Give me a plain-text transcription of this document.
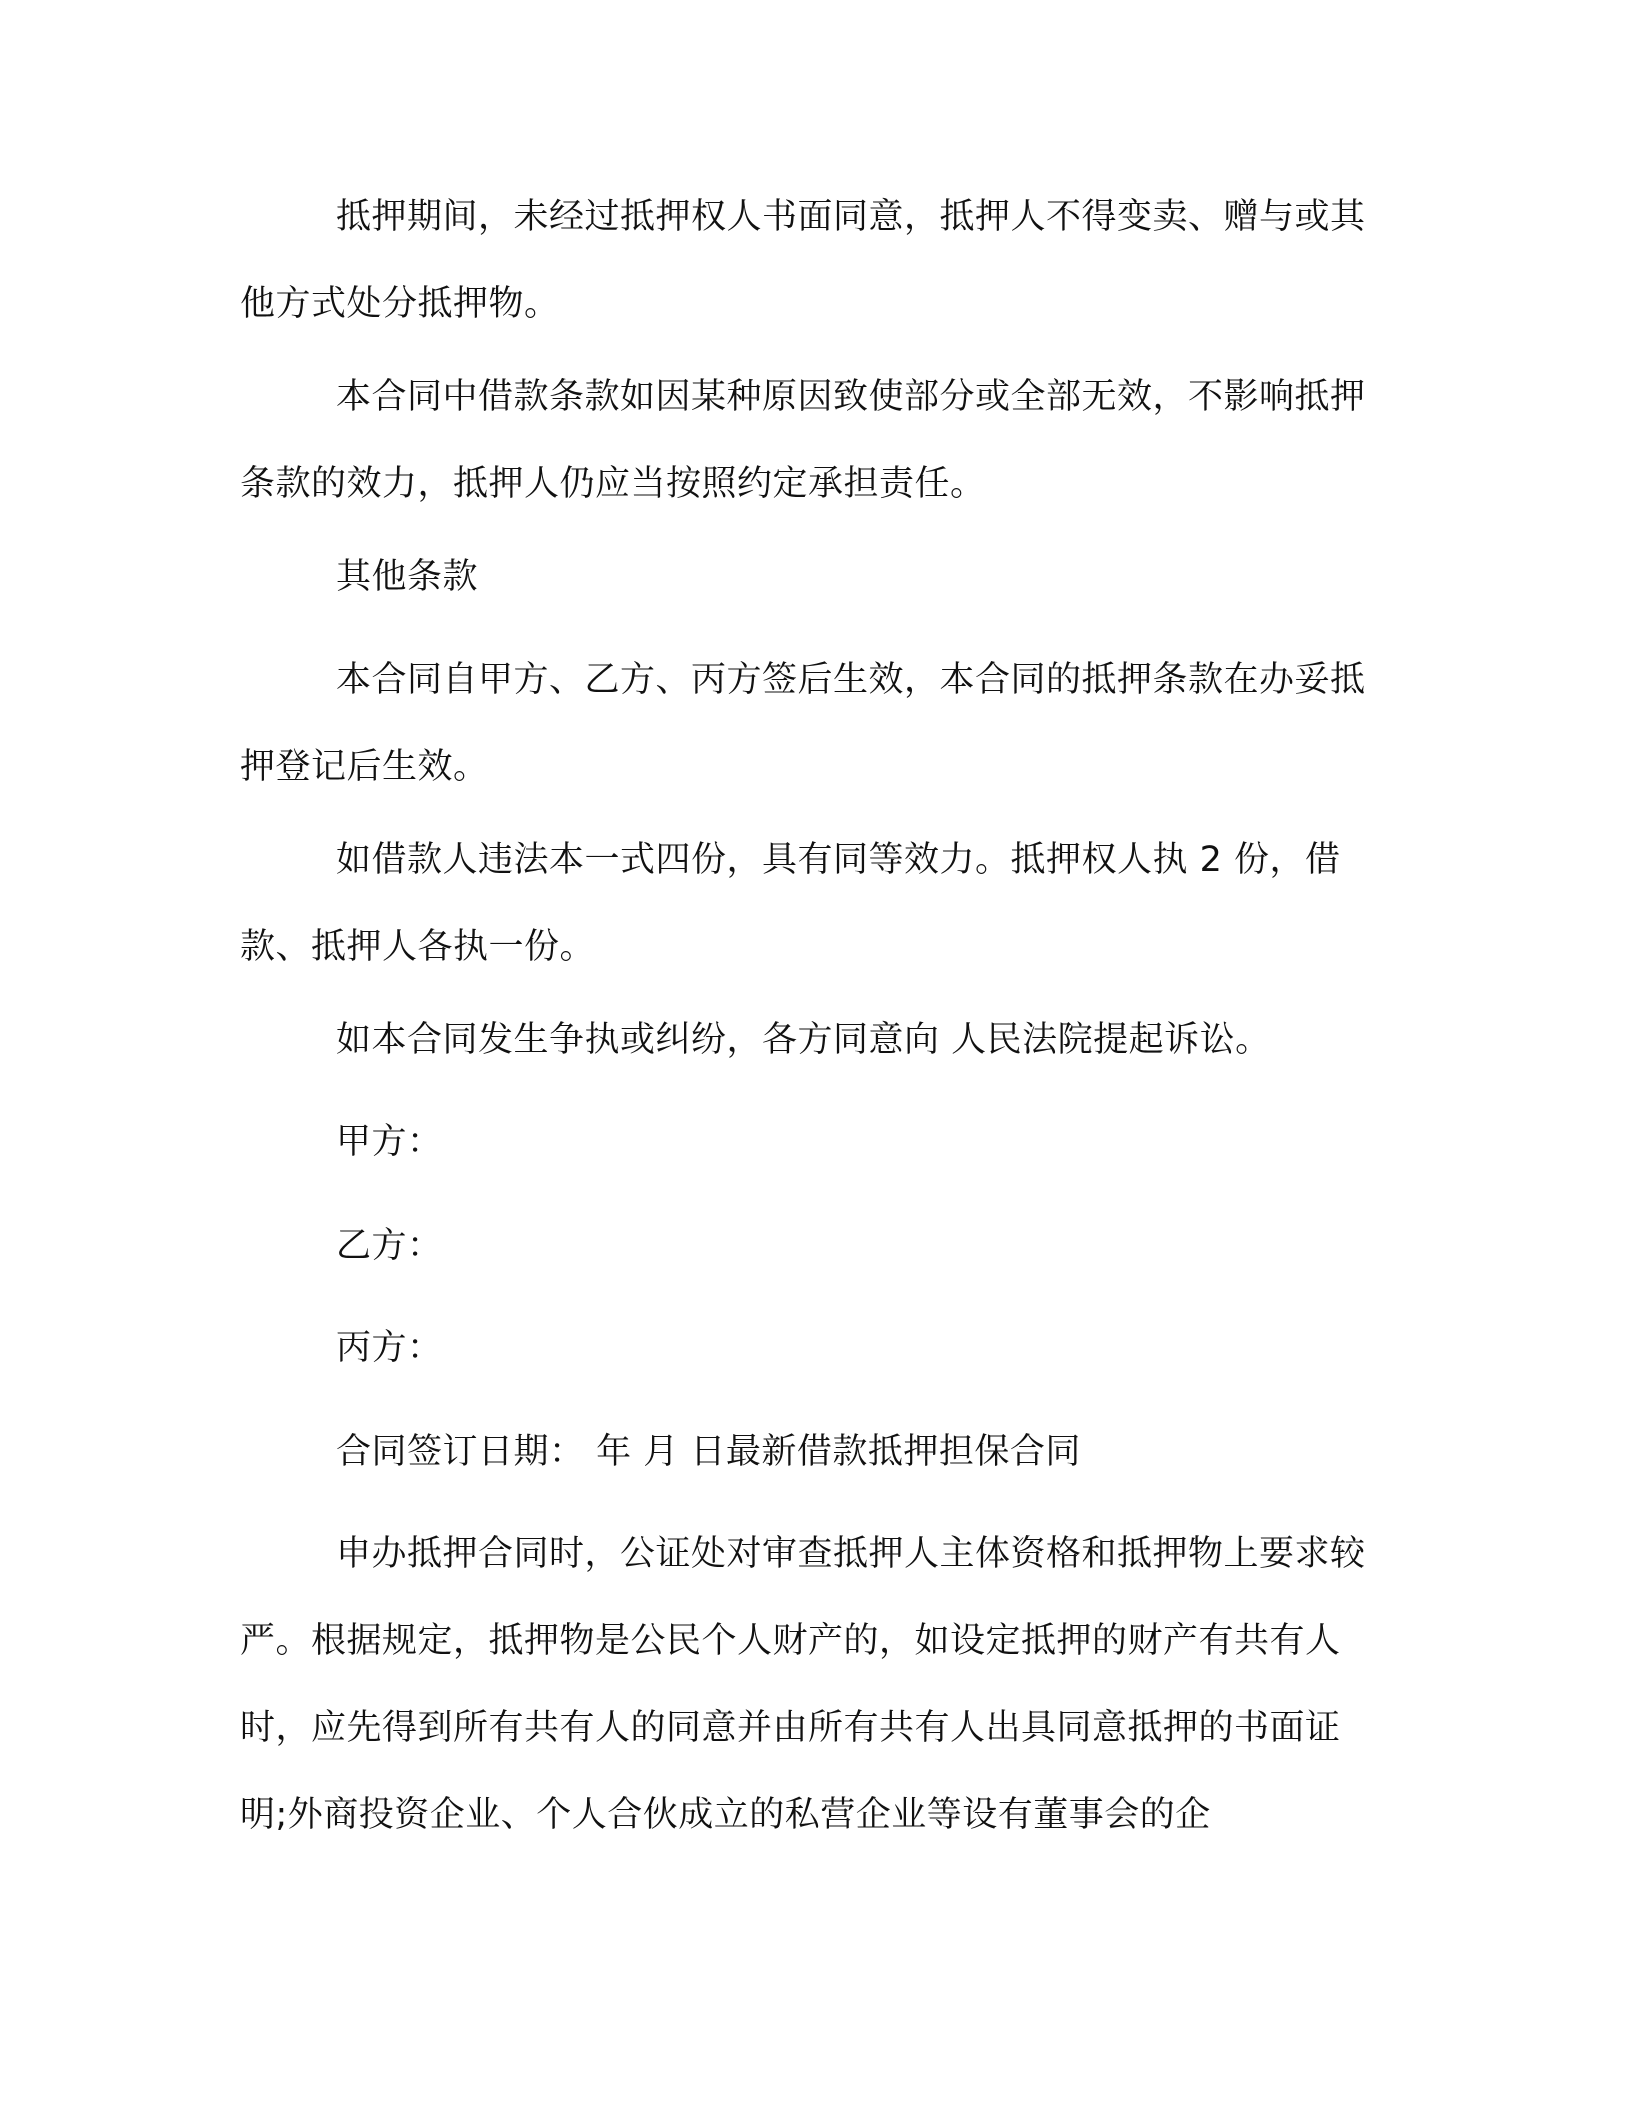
抵押期间，未经过抵押权人书面同意，抵押人不得变卖、赠与或其他方式处分抵押物。

本合同中借款条款如因某种原因致使部分或全部无效，不影响抵押条款的效力，抵押人仍应当按照约定承担责任。

其他条款

本合同自甲方、乙方、丙方签后生效，本合同的抵押条款在办妥抵押登记后生效。

如借款人违法本一式四份，具有同等效力。抵押权人执 2 份，借款、抵押人各执一份。

如本合同发生争执或纠纷，各方同意向 人民法院提起诉讼。

甲方：

乙方：

丙方：

合同签订日期： 年 月 日最新借款抵押担保合同

申办抵押合同时，公证处对审查抵押人主体资格和抵押物上要求较严。根据规定，抵押物是公民个人财产的，如设定抵押的财产有共有人时，应先得到所有共有人的同意并由所有共有人出具同意抵押的书面证明;外商投资企业、个人合伙成立的私营企业等设有董事会的企
